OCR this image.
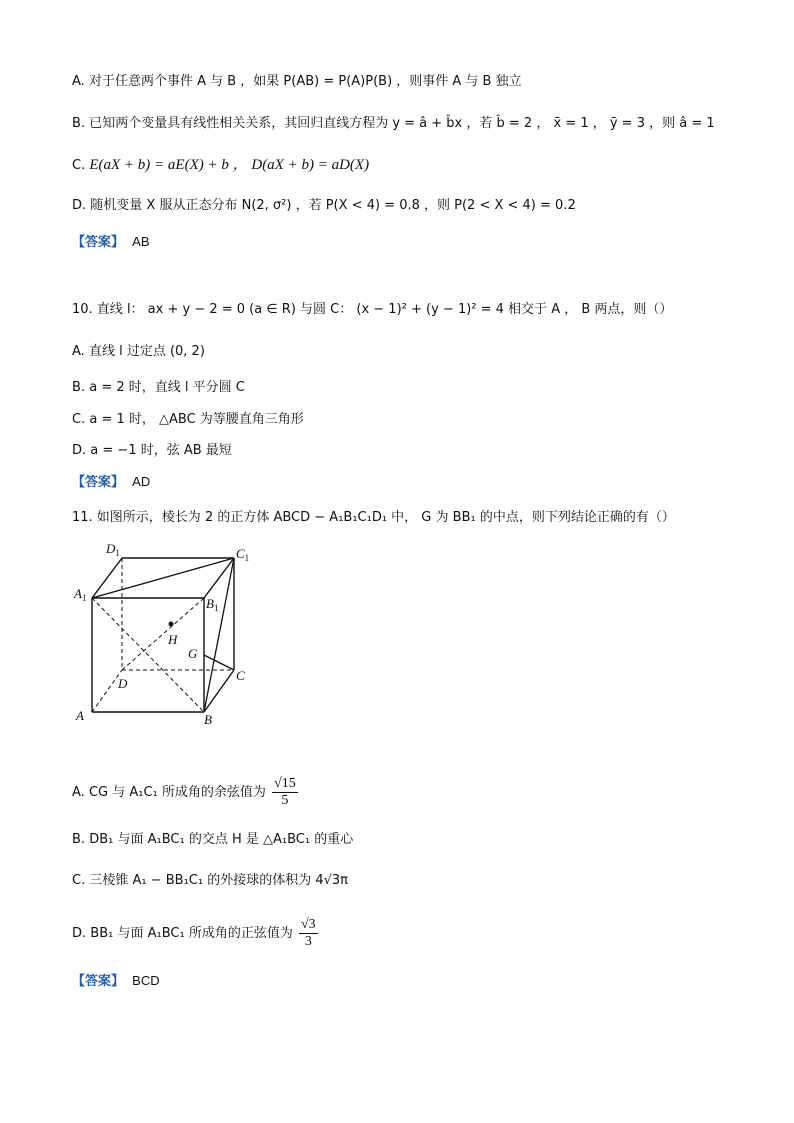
A. 对于任意两个事件 A 与 B ，如果 P(AB) = P(A)P(B) ，则事件 A 与 B 独立
B. 已知两个变量具有线性相关关系，其回归直线方程为 y = â + b̂x ，若 b̂ = 2 ， x̄ = 1 ， ȳ = 3 ，则 â = 1
C. E(aX + b) = aE(X) + b ， D(aX + b) = aD(X)
D. 随机变量 X 服从正态分布 N(2, σ²) ，若 P(X < 4) = 0.8 ，则 P(2 < X < 4) = 0.2
【答案】 AB
10. 直线 l： ax + y − 2 = 0 (a ∈ R) 与圆 C： (x − 1)² + (y − 1)² = 4 相交于 A ， B 两点，则（）
A. 直线 l 过定点 (0, 2)
B. a = 2 时，直线 l 平分圆 C
C. a = 1 时， △ABC 为等腰直角三角形
D. a = −1 时，弦 AB 最短
【答案】 AD
11. 如图所示，棱长为 2 的正方体 ABCD − A₁B₁C₁D₁ 中， G 为 BB₁ 的中点，则下列结论正确的有（）
$D_1$	$C_1$
$A_1$	$B_1$
H
G
C
D
A	B
A. CG 与 A₁C₁ 所成角的余弦值为 $\frac{√15}{5}$
B. DB₁ 与面 A₁BC₁ 的交点 H 是 △A₁BC₁ 的重心
C. 三棱锥 A₁ − BB₁C₁ 的外接球的体积为 4√3π
D. BB₁ 与面 A₁BC₁ 所成角的正弦值为 $\frac{√3}{3}$
【答案】 BCD
